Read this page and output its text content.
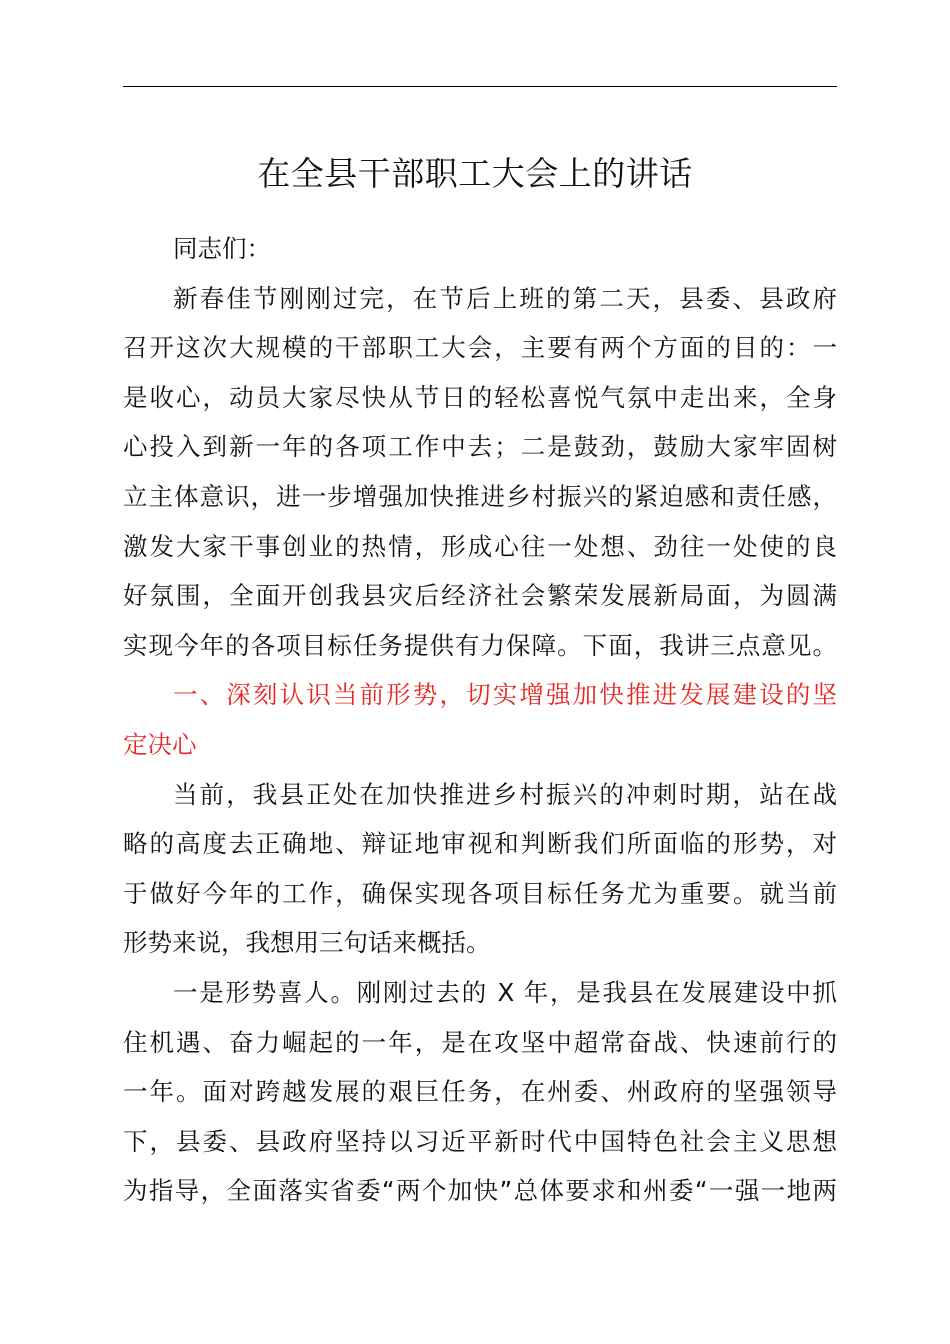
在全县干部职工大会上的讲话
同志们：
新春佳节刚刚过完，在节后上班的第二天，县委、县政府
召开这次大规模的干部职工大会，主要有两个方面的目的：一
是收心，动员大家尽快从节日的轻松喜悦气氛中走出来，全身
心投入到新一年的各项工作中去；二是鼓劲，鼓励大家牢固树
立主体意识，进一步增强加快推进乡村振兴的紧迫感和责任感，
激发大家干事创业的热情，形成心往一处想、劲往一处使的良
好氛围，全面开创我县灾后经济社会繁荣发展新局面，为圆满
实现今年的各项目标任务提供有力保障。下面，我讲三点意见。
一、深刻认识当前形势，切实增强加快推进发展建设的坚
定决心
当前，我县正处在加快推进乡村振兴的冲刺时期，站在战
略的高度去正确地、辩证地审视和判断我们所面临的形势，对
于做好今年的工作，确保实现各项目标任务尤为重要。就当前
形势来说，我想用三句话来概括。
一是形势喜人。刚刚过去的 X 年，是我县在发展建设中抓
住机遇、奋力崛起的一年，是在攻坚中超常奋战、快速前行的
一年。面对跨越发展的艰巨任务，在州委、州政府的坚强领导
下，县委、县政府坚持以习近平新时代中国特色社会主义思想
为指导，全面落实省委“两个加快”总体要求和州委“一强一地两
